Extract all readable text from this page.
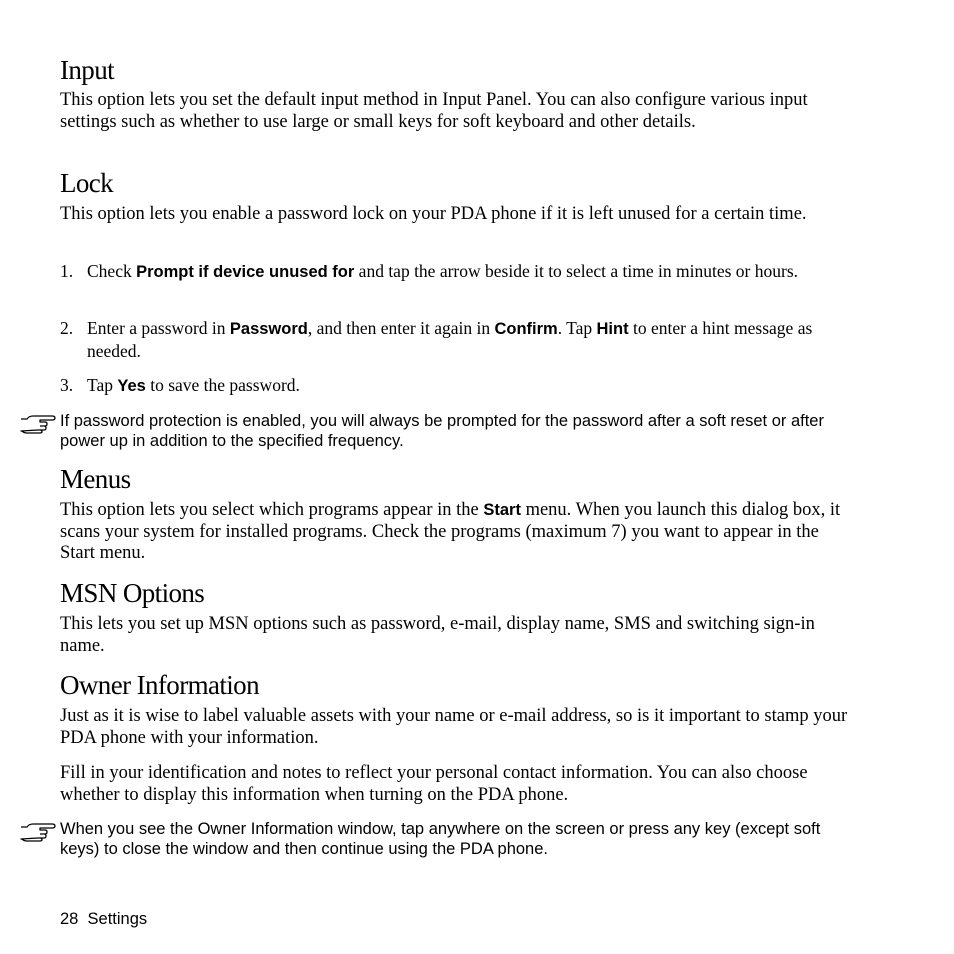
Input

This option lets you set the default input method in Input Panel. You can also configure various input settings such as whether to use large or small keys for soft keyboard and other details.

Lock

This option lets you enable a password lock on your PDA phone if it is left unused for a certain time.

1. Check Prompt if device unused for and tap the arrow beside it to select a time in minutes or hours.
2. Enter a password in Password, and then enter it again in Confirm. Tap Hint to enter a hint message as needed.
3. Tap Yes to save the password.
If password protection is enabled, you will always be prompted for the password after a soft reset or after power up in addition to the specified frequency.
Menus

This option lets you select which programs appear in the Start menu. When you launch this dialog box, it scans your system for installed programs. Check the programs (maximum 7) you want to appear in the Start menu.

MSN Options

This lets you set up MSN options such as password, e-mail, display name, SMS and switching sign-in name.

Owner Information

Just as it is wise to label valuable assets with your name or e-mail address, so is it important to stamp your PDA phone with your information.

Fill in your identification and notes to reflect your personal contact information. You can also choose whether to display this information when turning on the PDA phone.

When you see the Owner Information window, tap anywhere on the screen or press any key (except soft keys) to close the window and then continue using the PDA phone.
28 Settings
